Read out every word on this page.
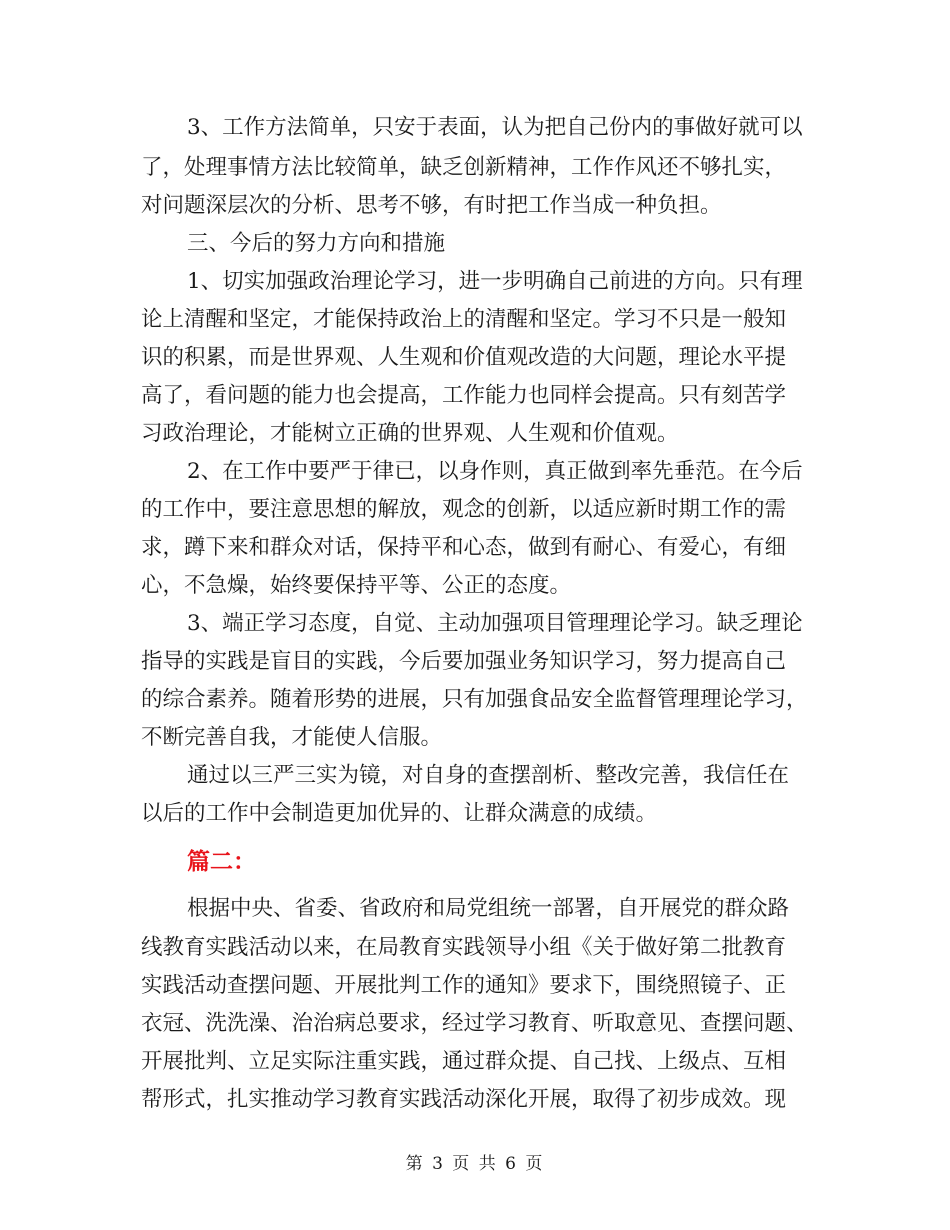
3、工作方法简单，只安于表面，认为把自己份内的事做好就可以
了，处理事情方法比较简单，缺乏创新精神，工作作风还不够扎实，
对问题深层次的分析、思考不够，有时把工作当成一种负担。
三、今后的努力方向和措施
1、切实加强政治理论学习，进一步明确自己前进的方向。只有理
论上清醒和坚定，才能保持政治上的清醒和坚定。学习不只是一般知
识的积累，而是世界观、人生观和价值观改造的大问题，理论水平提
高了，看问题的能力也会提高，工作能力也同样会提高。只有刻苦学
习政治理论，才能树立正确的世界观、人生观和价值观。
2、在工作中要严于律已，以身作则，真正做到率先垂范。在今后
的工作中，要注意思想的解放，观念的创新，以适应新时期工作的需
求，蹲下来和群众对话，保持平和心态，做到有耐心、有爱心，有细
心，不急燥，始终要保持平等、公正的态度。
3、端正学习态度，自觉、主动加强项目管理理论学习。缺乏理论
指导的实践是盲目的实践，今后要加强业务知识学习，努力提高自己
的综合素养。随着形势的进展，只有加强食品安全监督管理理论学习，
不断完善自我，才能使人信服。
通过以三严三实为镜，对自身的查摆剖析、整改完善，我信任在
以后的工作中会制造更加优异的、让群众满意的成绩。
篇二：
根据中央、省委、省政府和局党组统一部署，自开展党的群众路
线教育实践活动以来，在局教育实践领导小组《关于做好第二批教育
实践活动查摆问题、开展批判工作的通知》要求下，围绕照镜子、正
衣冠、洗洗澡、治治病总要求，经过学习教育、听取意见、查摆问题、
开展批判、立足实际注重实践，通过群众提、自己找、上级点、互相
帮形式，扎实推动学习教育实践活动深化开展，取得了初步成效。现
第 3 页 共 6 页
